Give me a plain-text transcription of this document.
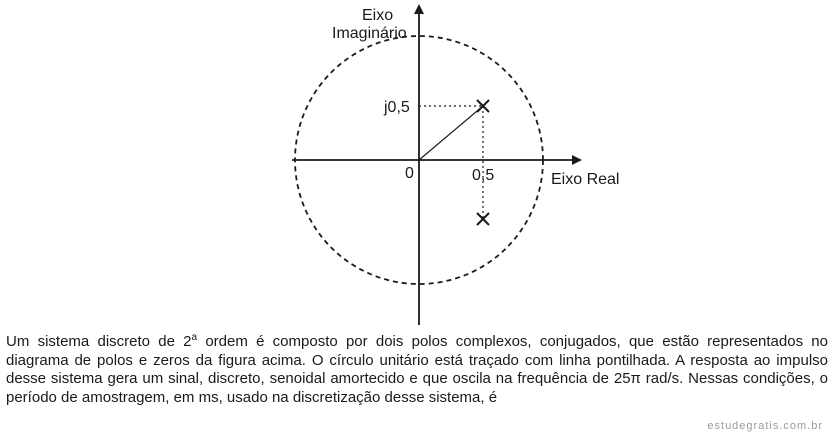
Eixo
Imaginário
j0,5
0	0,5	Eixo Real

Um sistema discreto de 2$^a$ ordem é composto por dois polos complexos, conjugados, que estão representados no diagrama de polos e zeros da figura acima. O círculo unitário está traçado com linha pontilhada. A resposta ao impulso desse sistema gera um sinal, discreto, senoidal amortecido e que oscila na frequência de 25π rad/s. Nessas condições, o período de amostragem, em ms, usado na discretização desse sistema, é

estudegratis.com.br
